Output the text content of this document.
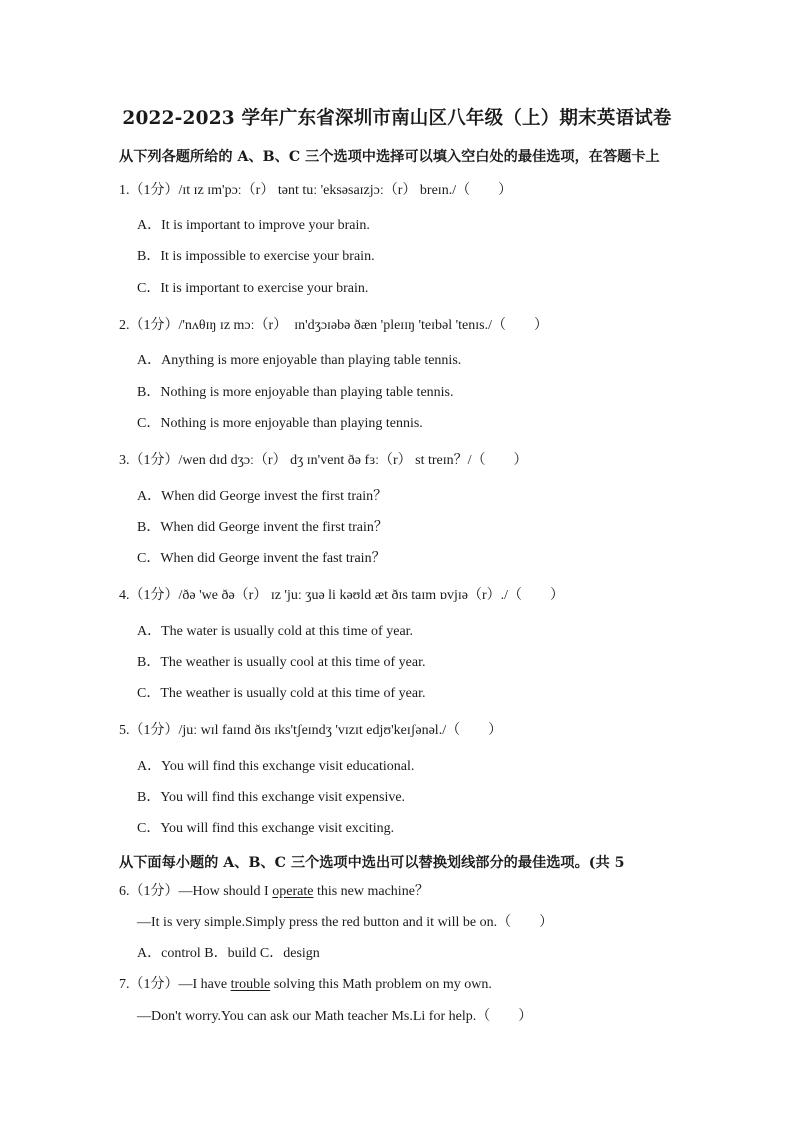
2022-2023 学年广东省深圳市南山区八年级（上）期末英语试卷
从下列各题所给的 A、B、C 三个选项中选择可以填入空白处的最佳选项，在答题卡上
1.（1分）/ɪt ɪz ɪm'pɔː（r） tənt tuː 'eksəsaɪzjɔː（r） breɪn./（　　）
A．It is important to improve your brain.
B．It is impossible to exercise your brain.
C．It is important to exercise your brain.
2.（1分）/'nʌθɪŋ ɪz mɔː（r）　ɪn'dʒɔɪəbə ðæn 'pleɪɪŋ 'teɪbəl 'tenɪs./（　　）
A．Anything is more enjoyable than playing table tennis.
B．Nothing is more enjoyable than playing table tennis.
C．Nothing is more enjoyable than playing tennis.
3.（1分）/wen dɪd dʒɔː（r） dʒ ɪn'vent ðə fɜː（r） st treɪn？/（　　）
A．When did George invest the first train？
B．When did George invent the first train？
C．When did George invent the fast train？
4.（1分）/ðə 'we ðə（r） ɪz 'juː ʒuə li kəʊld æt ðɪs taɪm ɒvjɪə（r）./（　　）
A．The water is usually cold at this time of year.
B．The weather is usually cool at this time of year.
C．The weather is usually cold at this time of year.
5.（1分）/juː wɪl faɪnd ðɪs ɪks'tʃeɪndʒ 'vɪzɪt edjʊ'keɪʃənəl./（　　）
A．You will find this exchange visit educational.
B．You will find this exchange visit expensive.
C．You will find this exchange visit exciting.
从下面每小题的 A、B、C 三个选项中选出可以替换划线部分的最佳选项。(共 5
6.（1分）—How should I operate this new machine？
—It is very simple.Simply press the red button and it will be on.（　　）
A．control B．build C．design
7.（1分）—I have trouble solving this Math problem on my own.
—Don't worry.You can ask our Math teacher Ms.Li for help.（　　）
